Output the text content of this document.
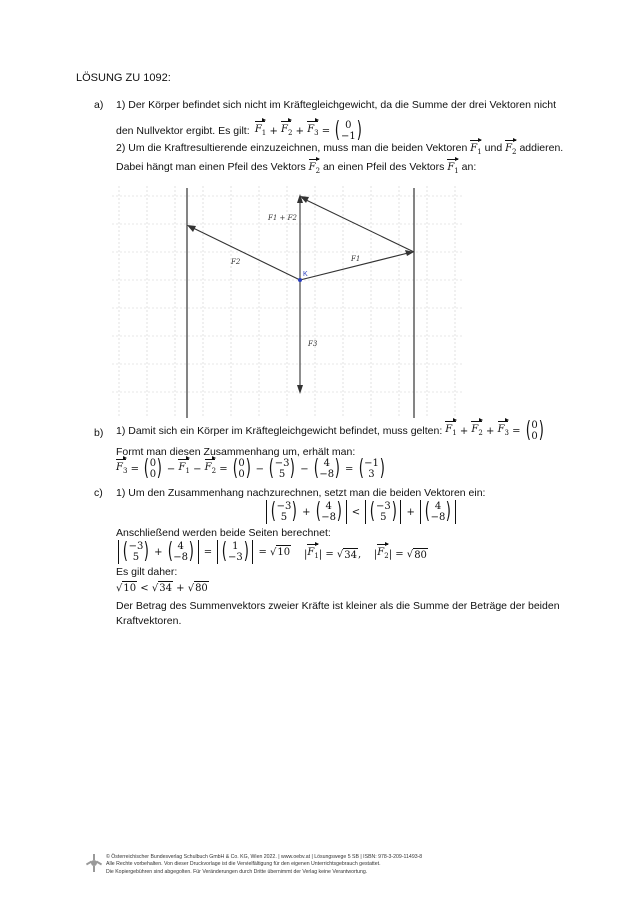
LÖSUNG ZU 1092:
a) 1) Der Körper befindet sich nicht im Kräftegleichgewicht, da die Summe der drei Vektoren nicht
den Nullvektor ergibt. Es gilt:
$F_1 + F_2 + F_3$ = ( 0
−1 )
2) Um die Kraftresultierende einzuzeichnen, muss man die beiden Vektoren $F_1$ und $F_2$ addieren.
Dabei hängt man einen Pfeil des Vektors $F_2$ an einen Pfeil des Vektors $F_1$ an:
K
F1 + F2
F2	F1
F3
b) 1) Damit sich ein Körper im Kräftegleichgewicht befindet, muss gelten: $F_1 + F_2 + F_3$ = ( 0
0 )
Formt man diesen Zusammenhang um, erhält man:
$F_3$ = ( 0
0 ) − $F_1 - F_2$ = ( 0
0 ) − ( −3
5 ) − ( 4
−8 ) = ( −1
3 )
c) 1) Um den Zusammenhang nachzurechnen, setzt man die beiden Vektoren ein:
( −3
5 ) + ( 4
−8 ) < ( −3
5 ) + ( 4
−8 )
Anschließend werden beide Seiten berechnet:
( −3
5 ) + ( 4
−8 ) = ( 1
−3 ) = √ 10 | $F_1$ | = √ 34 ,    | $F_2$ | = √ 80
Es gilt daher:
√ 10 < √ 34 + √ 80
Der Betrag des Summenvektors zweier Kräfte ist kleiner als die Summe der Beträge der beiden
Kraftvektoren.
© Österreichischer Bundesverlag Schulbuch GmbH & Co. KG, Wien 2022. | www.oebv.at | Lösungswege 5 SB | ISBN: 978-3-209-11493-8
Alle Rechte vorbehalten. Von dieser Druckvorlage ist die Vervielfältigung für den eigenen Unterrichtsgebrauch gestattet.
Die Kopiergebühren sind abgegolten. Für Veränderungen durch Dritte übernimmt der Verlag keine Verantwortung.
